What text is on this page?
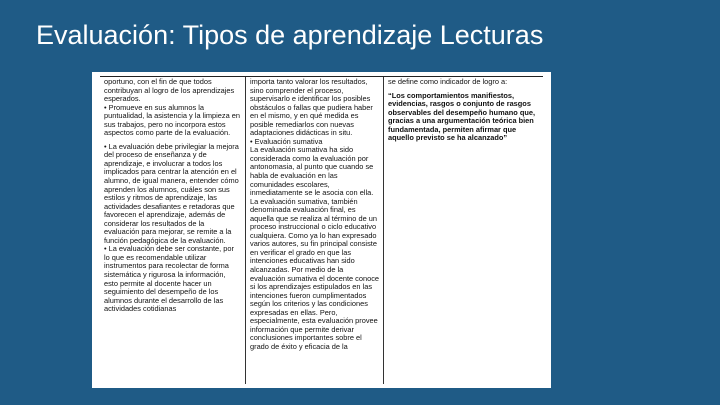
Evaluación: Tipos de aprendizaje Lecturas

oportuno, con el fin de que todos contribuyan al logro de los aprendizajes esperados.

• Promueve en sus alumnos la puntualidad, la asistencia y la limpieza en

sus trabajos, pero no incorpora estos aspectos como parte de la evaluación.

• La evaluación debe privilegiar la mejora del proceso de enseñanza y de aprendizaje, e involucrar a todos los implicados para centrar la atención en el alumno, de igual manera, entender cómo aprenden los alumnos, cuáles son sus estilos y ritmos de aprendizaje, las actividades desafiantes e retadoras que favorecen el aprendizaje, además de considerar los resultados de la evaluación para mejorar, se remite a la función pedagógica de la evaluación.

• La evaluación debe ser constante, por lo que es recomendable utilizar instrumentos para recolectar de forma sistemática y rigurosa la información, esto permite al docente hacer un seguimiento del desempeño de los alumnos durante el desarrollo de las actividades cotidianas

importa tanto valorar los resultados, sino comprender el proceso, supervisarlo e identificar los posibles obstáculos o fallas que pudiera haber en el mismo, y en qué medida es posible remediarlos con nuevas adaptaciones didácticas in situ.

• Evaluación sumativa

La evaluación sumativa ha sido considerada como la evaluación por antonomasia, al punto que cuando se habla de evaluación en las comunidades escolares, inmediatamente se le asocia con ella. La evaluación sumativa, también denominada evaluación final, es aquella que se realiza al término de un proceso instruccional o ciclo educativo cualquiera. Como ya lo han expresado varios autores, su fin principal consiste en verificar el grado en que las intenciones educativas han sido alcanzadas. Por medio de la evaluación sumativa el docente conoce si los aprendizajes estipulados en las intenciones fueron cumplimentados según los criterios y las condiciones expresadas en ellas. Pero, especialmente, esta evaluación provee información que permite derivar conclusiones importantes sobre el grado de éxito y eficacia de la

se define como indicador de logro a:

“Los comportamientos manifiestos, evidencias, rasgos o conjunto de rasgos observables del desempeño humano que, gracias a una argumentación teórica bien fundamentada, permiten afirmar que aquello previsto se ha alcanzado”
